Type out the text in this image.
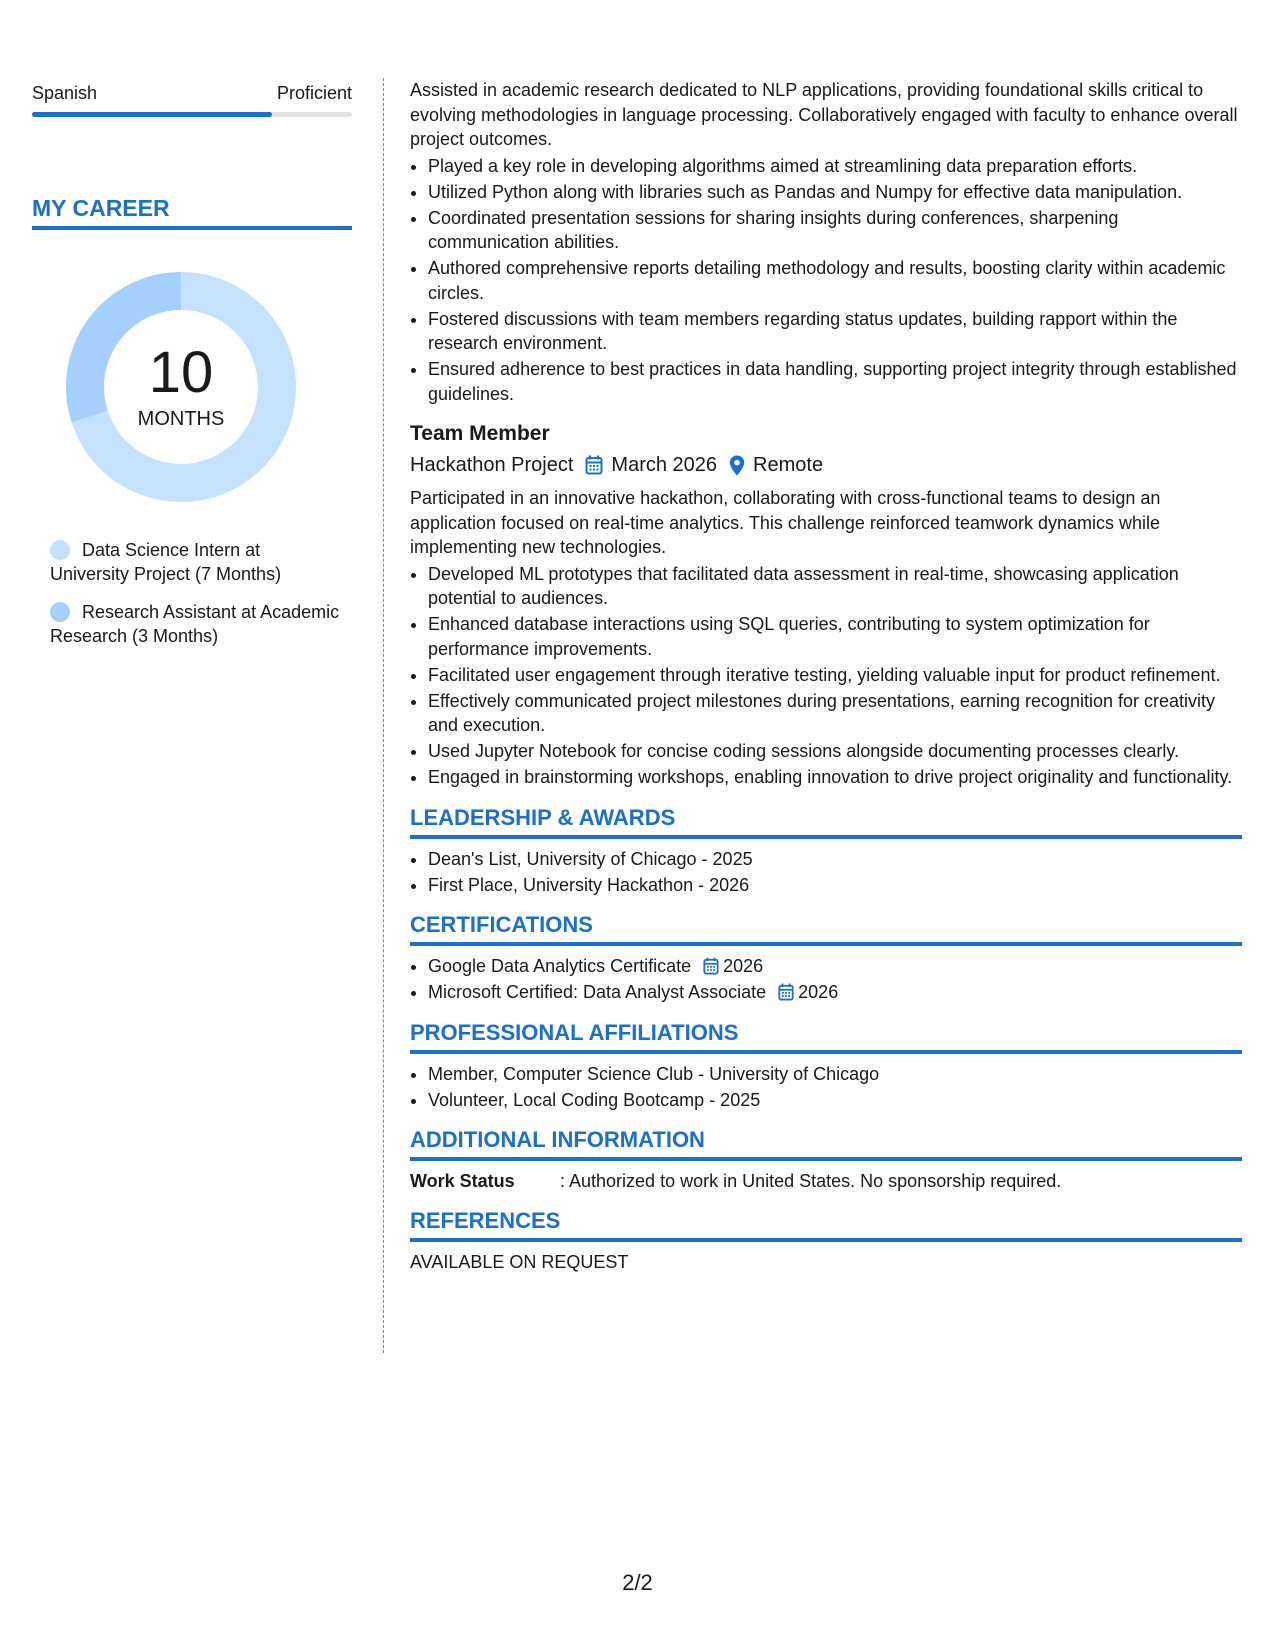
Spanish	Proficient
MY CAREER
10
MONTHS
Data Science Intern at University Project (7 Months)
Research Assistant at Academic Research (3 Months)

Assisted in academic research dedicated to NLP applications, providing foundational skills critical to evolving methodologies in language processing. Collaboratively engaged with faculty to enhance overall project outcomes.

• Played a key role in developing algorithms aimed at streamlining data preparation efforts.
• Utilized Python along with libraries such as Pandas and Numpy for effective data manipulation.
• Coordinated presentation sessions for sharing insights during conferences, sharpening communication abilities.
• Authored comprehensive reports detailing methodology and results, boosting clarity within academic circles.
• Fostered discussions with team members regarding status updates, building rapport within the research environment.
• Ensured adherence to best practices in data handling, supporting project integrity through established guidelines.
Team Member
Hackathon Project March 2026 Remote

Participated in an innovative hackathon, collaborating with cross-functional teams to design an application focused on real-time analytics. This challenge reinforced teamwork dynamics while implementing new technologies.

• Developed ML prototypes that facilitated data assessment in real-time, showcasing application potential to audiences.
• Enhanced database interactions using SQL queries, contributing to system optimization for performance improvements.
• Facilitated user engagement through iterative testing, yielding valuable input for product refinement.
• Effectively communicated project milestones during presentations, earning recognition for creativity and execution.
• Used Jupyter Notebook for concise coding sessions alongside documenting processes clearly.
• Engaged in brainstorming workshops, enabling innovation to drive project originality and functionality.
LEADERSHIP & AWARDS
• Dean's List, University of Chicago - 2025
• First Place, University Hackathon - 2026
CERTIFICATIONS
• Google Data Analytics Certificate 2026
• Microsoft Certified: Data Analyst Associate 2026
PROFESSIONAL AFFILIATIONS
• Member, Computer Science Club - University of Chicago
• Volunteer, Local Coding Bootcamp - 2025
ADDITIONAL INFORMATION
Work Status	: Authorized to work in United States. No sponsorship required.
REFERENCES
AVAILABLE ON REQUEST
2/2
